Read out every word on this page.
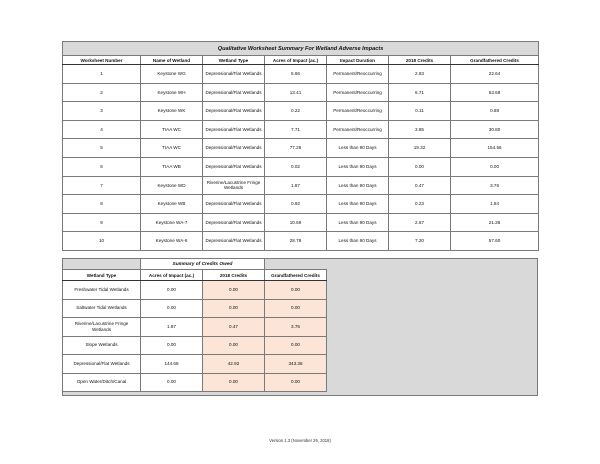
Qualitative Worksheet Summary For Wetland Adverse Impacts						
Worksheet Number	Name of Wetland	Wetland Type	Acres of Impact (ac.)	Impact Duration	2018 Credits	Grandfathered Credits
1	Keystone WG	Depressional/Flat Wetlands	5.66	Permanent/Reoccurring	2.83	22.64
2	Keystone WH	Depressional/Flat Wetlands	13.41	Permanent/Reoccurring	6.71	53.68
3	Keystone WK	Depressional/Flat Wetlands	0.22	Permanent/Reoccurring	0.11	0.88
4	TIAA WC	Depressional/Flat Wetlands	7.71	Permanent/Reoccurring	3.85	30.80
5	TIAA WC	Depressional/Flat Wetlands	77.26	Less than 90 Days	19.32	154.56
6	TIAA WB	Depressional/Flat Wetlands	0.02	Less than 90 Days	0.00	0.00
7	Keystone WD	Riverine/Lacustrine Fringe Wetlands	1.87	Less than 90 Days	0.47	3.76
8	Keystone WB	Depressional/Flat Wetlands	0.92	Less than 90 Days	0.23	1.84
9	Keystone WA-7	Depressional/Flat Wetlands	10.69	Less than 90 Days	2.67	21.36
10	Keystone WA-6	Depressional/Flat Wetlands	28.79	Less than 90 Days	7.20	57.60
	Summary of Credits Owed		
Wetland Type	Acres of Impact (ac.)	2018 Credits	Grandfathered Credits
Freshwater Tidal Wetlands	0.00	0.00	0.00
Saltwater Tidal Wetlands	0.00	0.00	0.00
Riverine/Lacustrine Fringe Wetlands	1.87	0.47	3.76
Slope Wetlands	0.00	0.00	0.00
Depressional/Flat Wetlands	144.68	42.92	343.36
Open Water/Ditch/Canal	0.00	0.00	0.00
Version 1.3 (November 26, 2018)
